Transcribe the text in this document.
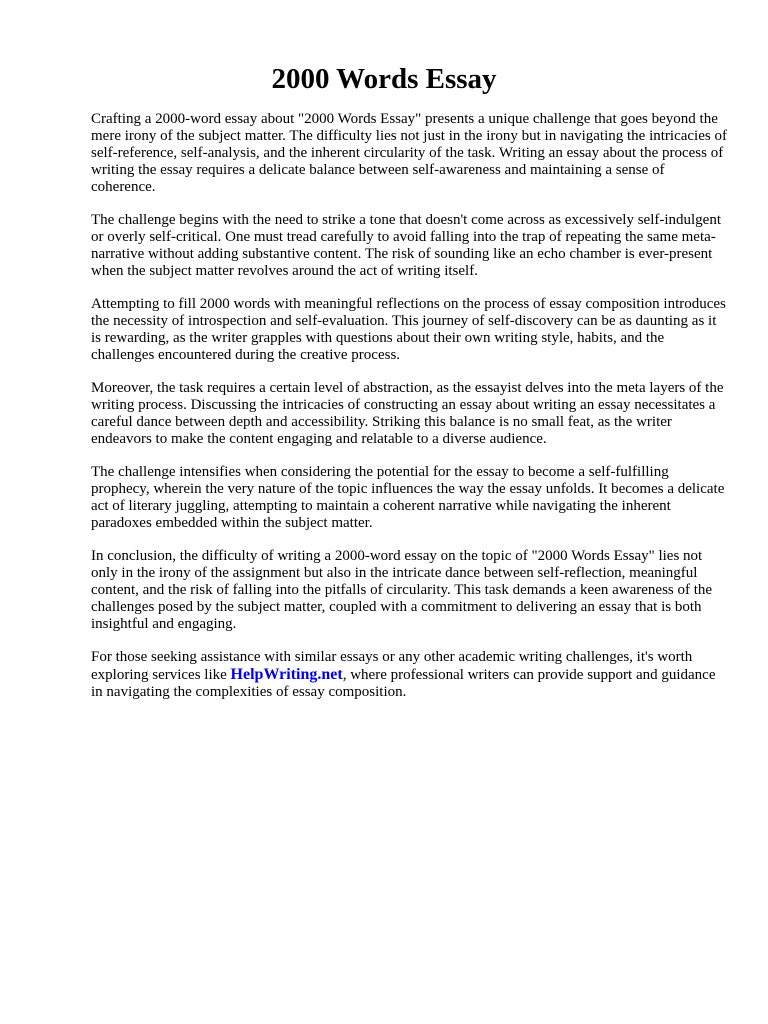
2000 Words Essay

Crafting a 2000-word essay about "2000 Words Essay" presents a unique challenge that goes beyond the mere irony of the subject matter. The difficulty lies not just in the irony but in navigating the intricacies of self-reference, self-analysis, and the inherent circularity of the task. Writing an essay about the process of writing the essay requires a delicate balance between self-awareness and maintaining a sense of coherence.

The challenge begins with the need to strike a tone that doesn't come across as excessively self-indulgent or overly self-critical. One must tread carefully to avoid falling into the trap of repeating the same meta-narrative without adding substantive content. The risk of sounding like an echo chamber is ever-present when the subject matter revolves around the act of writing itself.

Attempting to fill 2000 words with meaningful reflections on the process of essay composition introduces the necessity of introspection and self-evaluation. This journey of self-discovery can be as daunting as it is rewarding, as the writer grapples with questions about their own writing style, habits, and the challenges encountered during the creative process.

Moreover, the task requires a certain level of abstraction, as the essayist delves into the meta layers of the writing process. Discussing the intricacies of constructing an essay about writing an essay necessitates a careful dance between depth and accessibility. Striking this balance is no small feat, as the writer endeavors to make the content engaging and relatable to a diverse audience.

The challenge intensifies when considering the potential for the essay to become a self-fulfilling prophecy, wherein the very nature of the topic influences the way the essay unfolds. It becomes a delicate act of literary juggling, attempting to maintain a coherent narrative while navigating the inherent paradoxes embedded within the subject matter.

In conclusion, the difficulty of writing a 2000-word essay on the topic of "2000 Words Essay" lies not only in the irony of the assignment but also in the intricate dance between self-reflection, meaningful content, and the risk of falling into the pitfalls of circularity. This task demands a keen awareness of the challenges posed by the subject matter, coupled with a commitment to delivering an essay that is both insightful and engaging.

For those seeking assistance with similar essays or any other academic writing challenges, it's worth exploring services like HelpWriting.net, where professional writers can provide support and guidance in navigating the complexities of essay composition.
